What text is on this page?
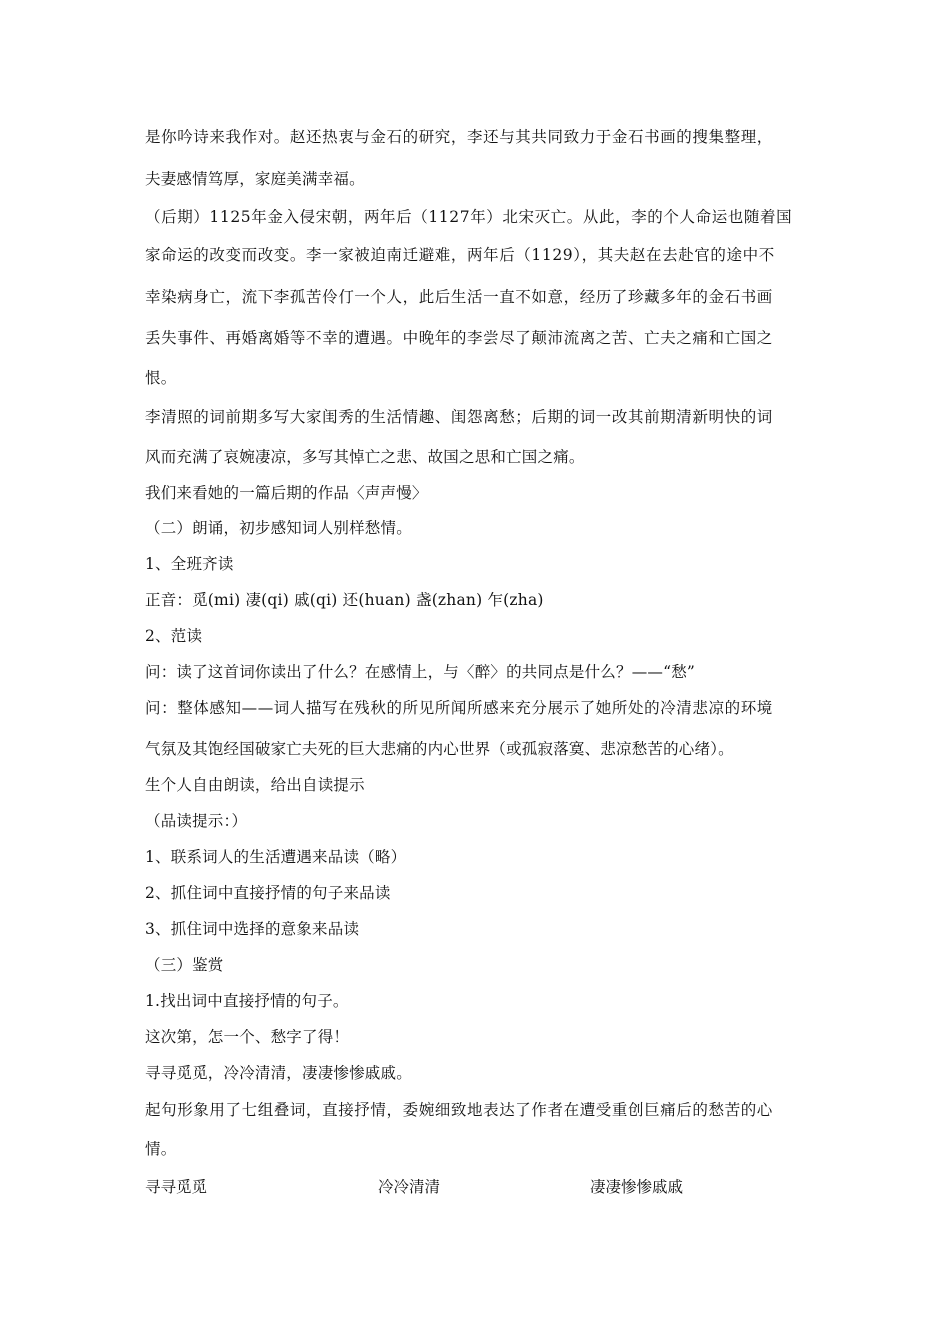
是你吟诗来我作对。赵还热衷与金石的研究，李还与其共同致力于金石书画的搜集整理，
夫妻感情笃厚，家庭美满幸福。
（后期）1125年金入侵宋朝，两年后（1127年）北宋灭亡。从此，李的个人命运也随着国
家命运的改变而改变。李一家被迫南迁避难，两年后（1129），其夫赵在去赴官的途中不
幸染病身亡，流下李孤苦伶仃一个人，此后生活一直不如意，经历了珍藏多年的金石书画
丢失事件、再婚离婚等不幸的遭遇。中晚年的李尝尽了颠沛流离之苦、亡夫之痛和亡国之
恨。
李清照的词前期多写大家闺秀的生活情趣、闺怨离愁；后期的词一改其前期清新明快的词
风而充满了哀婉凄凉，多写其悼亡之悲、故国之思和亡国之痛。
我们来看她的一篇后期的作品〈声声慢〉
（二）朗诵，初步感知词人别样愁情。
1、全班齐读
正音：觅(mi) 凄(qi) 戚(qi) 还(huan) 盏(zhan) 乍(zha)
2、范读
问：读了这首词你读出了什么？在感情上，与〈醉〉的共同点是什么？——“愁”
问：整体感知——词人描写在残秋的所见所闻所感来充分展示了她所处的冷清悲凉的环境
气氛及其饱经国破家亡夫死的巨大悲痛的内心世界（或孤寂落寞、悲凉愁苦的心绪）。
生个人自由朗读，给出自读提示
（品读提示：）
1、联系词人的生活遭遇来品读（略）
2、抓住词中直接抒情的句子来品读
3、抓住词中选择的意象来品读
（三）鉴赏
1.找出词中直接抒情的句子。
这次第，怎一个、愁字了得！
寻寻觅觅，冷冷清清，凄凄惨惨戚戚。
起句形象用了七组叠词，直接抒情，委婉细致地表达了作者在遭受重创巨痛后的愁苦的心
情。
寻寻觅觅	冷冷清清	凄凄惨惨戚戚
